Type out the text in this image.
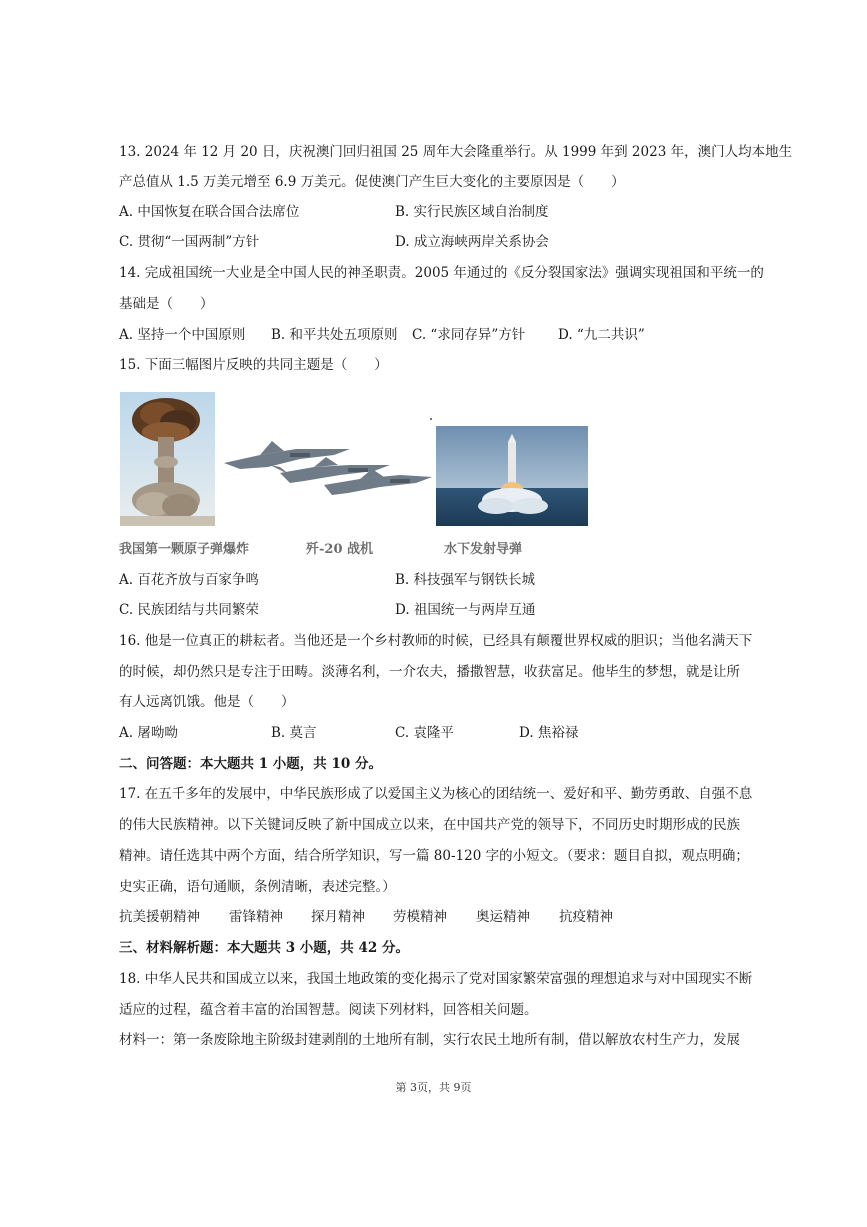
13. 2024 年 12 月 20 日，庆祝澳门回归祖国 25 周年大会隆重举行。从 1999 年到 2023 年，澳门人均本地生
产总值从 1.5 万美元增至 6.9 万美元。促使澳门产生巨大变化的主要原因是（　　）
A. 中国恢复在联合国合法席位	B. 实行民族区域自治制度
C. 贯彻“一国两制”方针	D. 成立海峡两岸关系协会
14. 完成祖国统一大业是全中国人民的神圣职责。2005 年通过的《反分裂国家法》强调实现祖国和平统一的
基础是（　　）
A. 坚持一个中国原则 B. 和平共处五项原则 C. “求同存异”方针 D. “九二共识”
15. 下面三幅图片反映的共同主题是（　　）
我国第一颗原子弹爆炸	歼-20 战机	水下发射导弹
A. 百花齐放与百家争鸣	B. 科技强军与钢铁长城
C. 民族团结与共同繁荣	D. 祖国统一与两岸互通
16. 他是一位真正的耕耘者。当他还是一个乡村教师的时候，已经具有颠覆世界权威的胆识；当他名满天下
的时候，却仍然只是专注于田畴。淡薄名利，一介农夫，播撒智慧，收获富足。他毕生的梦想，就是让所
有人远离饥饿。他是（　　）
A. 屠呦呦	B. 莫言	C. 袁隆平	D. 焦裕禄
二、问答题：本大题共 1 小题，共 10 分。
17. 在五千多年的发展中，中华民族形成了以爱国主义为核心的团结统一、爱好和平、勤劳勇敢、自强不息
的伟大民族精神。以下关键词反映了新中国成立以来，在中国共产党的领导下，不同历史时期形成的民族
精神。请任选其中两个方面，结合所学知识，写一篇 80-120 字的小短文。（要求：题目自拟，观点明确；
史实正确，语句通顺，条例清晰，表述完整。）
抗美援朝精神 雷锋精神 探月精神 劳模精神 奥运精神 抗疫精神
三、材料解析题：本大题共 3 小题，共 42 分。
18. 中华人民共和国成立以来，我国土地政策的变化揭示了党对国家繁荣富强的理想追求与对中国现实不断
适应的过程，蕴含着丰富的治国智慧。阅读下列材料，回答相关问题。
材料一：第一条废除地主阶级封建剥削的土地所有制，实行农民土地所有制，借以解放农村生产力，发展
第 3页，共 9页
